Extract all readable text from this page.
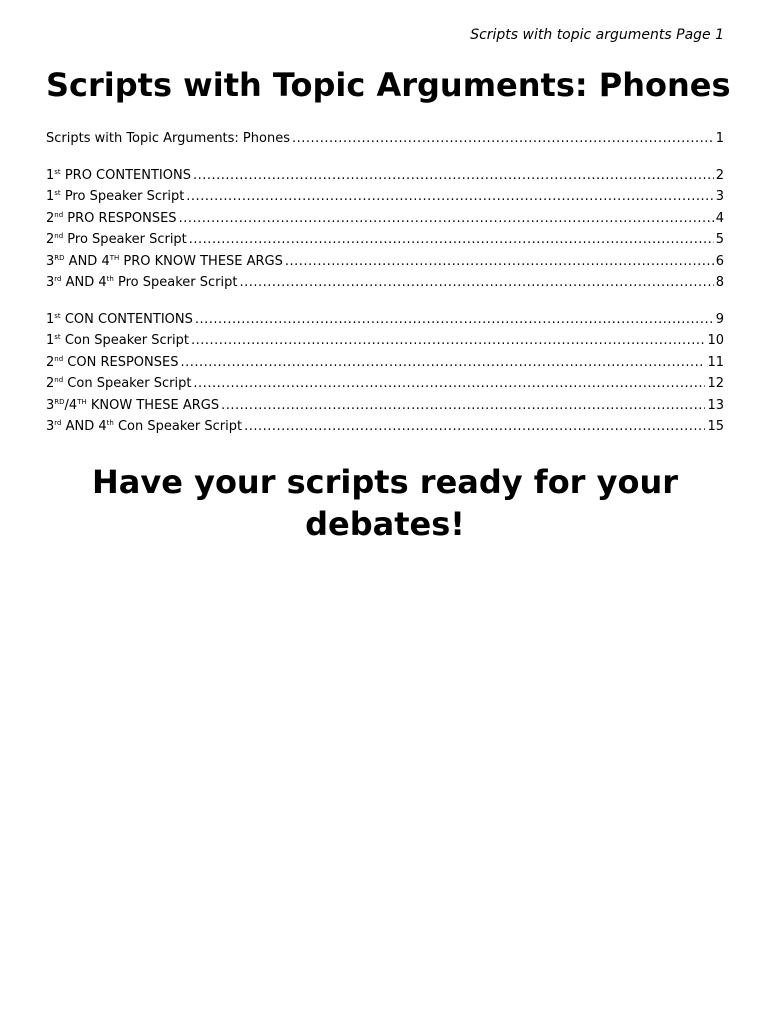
Scripts with topic arguments Page 1
Scripts with Topic Arguments: Phones
Scripts with Topic Arguments: Phones .....	1
1st PRO CONTENTIONS .....	2
1st Pro Speaker Script .....	3
2nd PRO RESPONSES .....	4
2nd Pro Speaker Script .....	5
3RD AND 4TH PRO KNOW THESE ARGS .....	6
3rd AND 4th Pro Speaker Script .....	8
1st CON CONTENTIONS .....	9
1st Con Speaker Script .....	10
2nd CON RESPONSES .....	11
2nd Con Speaker Script .....	12
3RD/4TH KNOW THESE ARGS .....	13
3rd AND 4th Con Speaker Script .....	15

Have your scripts ready for your
debates!
